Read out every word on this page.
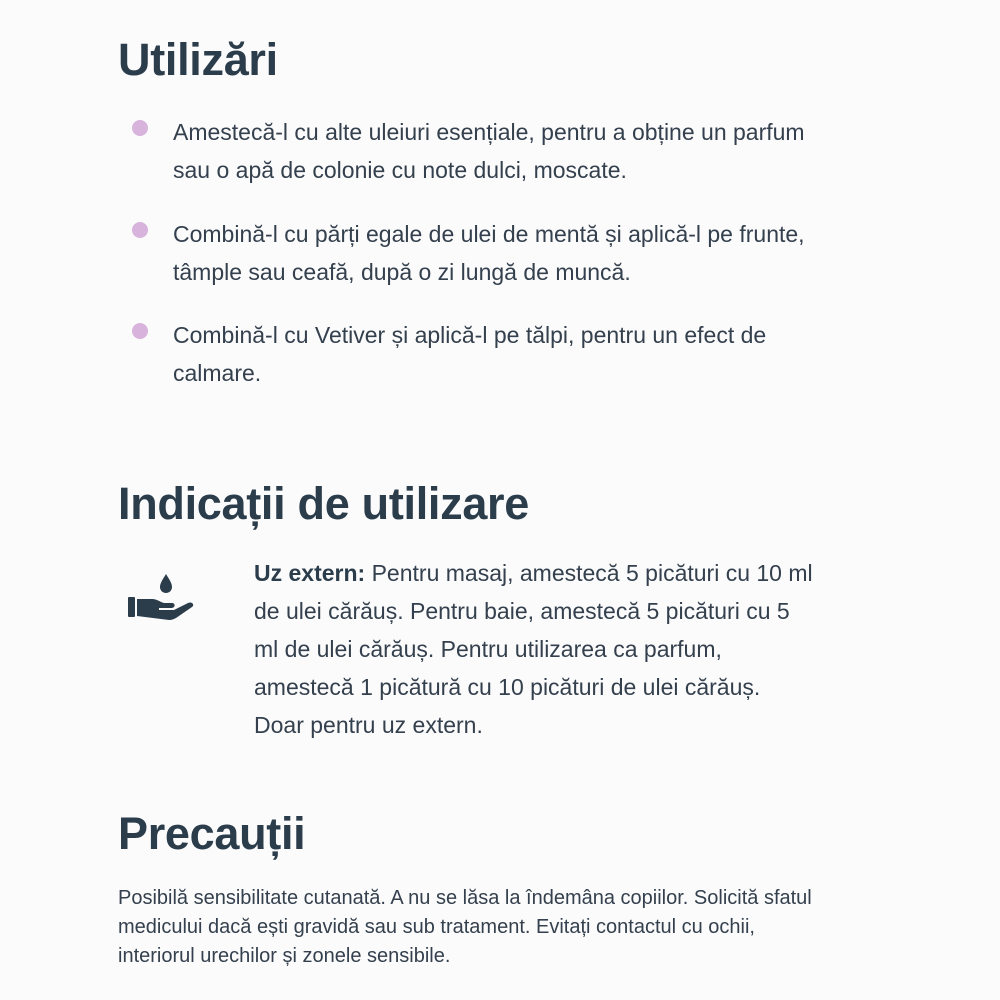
Utilizări
Amestecă-l cu alte uleiuri esențiale, pentru a obține un parfum sau o apă de colonie cu note dulci, moscate.
Combină-l cu părți egale de ulei de mentă și aplică-l pe frunte, tâmple sau ceafă, după o zi lungă de muncă.
Combină-l cu Vetiver și aplică-l pe tălpi, pentru un efect de calmare.
Indicații de utilizare
Uz extern: Pentru masaj, amestecă 5 picături cu 10 ml de ulei cărăuș. Pentru baie, amestecă 5 picături cu 5 ml de ulei cărăuș. Pentru utilizarea ca parfum, amestecă 1 picătură cu 10 picături de ulei cărăuș. Doar pentru uz extern.
Precauții

Posibilă sensibilitate cutanată. A nu se lăsa la îndemâna copiilor. Solicită sfatul medicului dacă ești gravidă sau sub tratament. Evitați contactul cu ochii, interiorul urechilor și zonele sensibile.
